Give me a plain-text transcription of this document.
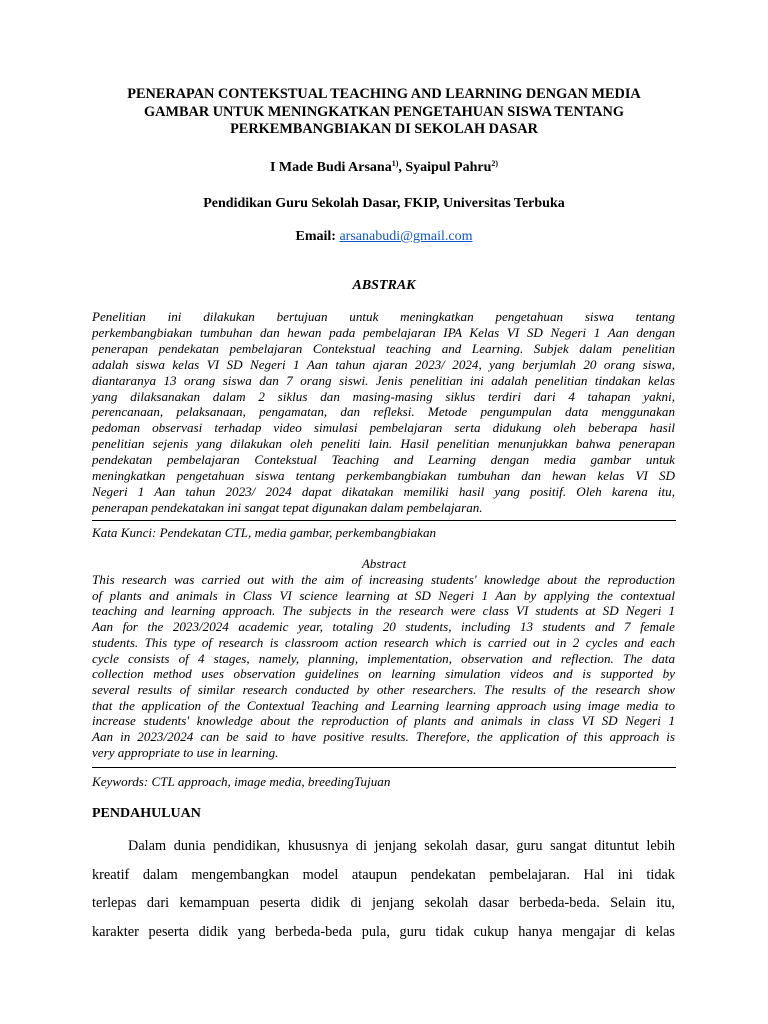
PENERAPAN CONTEKSTUAL TEACHING AND LEARNING DENGAN MEDIA
GAMBAR UNTUK MENINGKATKAN PENGETAHUAN SISWA TENTANG
PERKEMBANGBIAKAN DI SEKOLAH DASAR
I Made Budi Arsana$^{1)}$, Syaipul Pahru$^{2)}$
Pendidikan Guru Sekolah Dasar, FKIP, Universitas Terbuka
Email: arsanabudi@gmail.com
ABSTRAK
Penelitian ini dilakukan bertujuan untuk meningkatkan pengetahuan siswa tentang
perkembangbiakan tumbuhan dan hewan pada pembelajaran IPA Kelas VI SD Negeri 1 Aan dengan
penerapan pendekatan pembelajaran Contekstual teaching and Learning. Subjek dalam penelitian
adalah siswa kelas VI SD Negeri 1 Aan tahun ajaran 2023/ 2024, yang berjumlah 20 orang siswa,
diantaranya 13 orang siswa dan 7 orang siswi. Jenis penelitian ini adalah penelitian tindakan kelas
yang dilaksanakan dalam 2 siklus dan masing-masing siklus terdiri dari 4 tahapan yakni,
perencanaan, pelaksanaan, pengamatan, dan refleksi. Metode pengumpulan data menggunakan
pedoman observasi terhadap video simulasi pembelajaran serta didukung oleh beberapa hasil
penelitian sejenis yang dilakukan oleh peneliti lain. Hasil penelitian menunjukkan bahwa penerapan
pendekatan pembelajaran Contekstual Teaching and Learning dengan media gambar untuk
meningkatkan pengetahuan siswa tentang perkembangbiakan tumbuhan dan hewan kelas VI SD
Negeri 1 Aan tahun 2023/ 2024 dapat dikatakan memiliki hasil yang positif. Oleh karena itu,
penerapan pendekatakan ini sangat tepat digunakan dalam pembelajaran.
Kata Kunci: Pendekatan CTL, media gambar, perkembangbiakan
Abstract
This research was carried out with the aim of increasing students' knowledge about the reproduction
of plants and animals in Class VI science learning at SD Negeri 1 Aan by applying the contextual
teaching and learning approach. The subjects in the research were class VI students at SD Negeri 1
Aan for the 2023/2024 academic year, totaling 20 students, including 13 students and 7 female
students. This type of research is classroom action research which is carried out in 2 cycles and each
cycle consists of 4 stages, namely, planning, implementation, observation and reflection. The data
collection method uses observation guidelines on learning simulation videos and is supported by
several results of similar research conducted by other researchers. The results of the research show
that the application of the Contextual Teaching and Learning learning approach using image media to
increase students' knowledge about the reproduction of plants and animals in class VI SD Negeri 1
Aan in 2023/2024 can be said to have positive results. Therefore, the application of this approach is
very appropriate to use in learning.
Keywords: CTL approach, image media, breedingTujuan
PENDAHULUAN
Dalam dunia pendidikan, khususnya di jenjang sekolah dasar, guru sangat dituntut lebih
kreatif dalam mengembangkan model ataupun pendekatan pembelajaran. Hal ini tidak
terlepas dari kemampuan peserta didik di jenjang sekolah dasar berbeda-beda. Selain itu,
karakter peserta didik yang berbeda-beda pula, guru tidak cukup hanya mengajar di kelas
